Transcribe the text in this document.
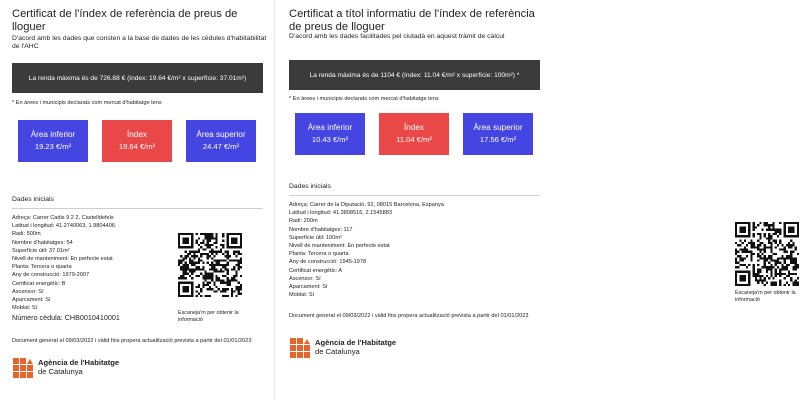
Certificat de l'índex de referència de preus de lloguer
D'acord amb les dades que consten a la base de dades de les cèdules d'habitabilitat de l'AHC
La renda màxima és de 726.88 € (índex: 19.64 €/m² x superfície: 37.01m²)
* En àrees i municipis declarats com mercat d'habitatge tens
Àrea inferior
19.23 €/m²
Índex
19.64 €/m²
Àrea superior
24.47 €/m²
Dades inicials
Adreça: Carrer Cadis 9 2 2, Castelldefels
Latitud i longitud: 41.2740063, 1.9804406
Radi: 500m
Nombre d'habitatges: 54
Superfície útil: 37.01m²
Nivell de manteniment: En perfecte estat
Planta: Tercera o quarta
Any de construcció: 1979-2007
Certificat energètic: B
Ascensor: Sí
Aparcament: Sí
Moblat: Sí
Número cèdula: CHB0010410001
Escaneja'm per obtenir la informació
Document generat el 09/03/2022 i vàlid fins propera actualització prevista a partir del 01/01/2023
Agència de l'Habitatge
de Catalunya
Certificat a títol informatiu de l'índex de referència de preus de lloguer
D'acord amb les dades facilitades pel ciutadà en aquest tràmit de càlcul
La renda màxima és de 1104 € (índex: 11.04 €/m² x superfície: 100m²) *
* En àrees i municipis declarats com mercat d'habitatge tens
Àrea inferior
10.43 €/m²
Índex
11.04 €/m²
Àrea superior
17.56 €/m²
Dades inicials
Adreça: Carrer de la Diputació, 92, 08015 Barcelona, Espanya
Latitud i longitud: 41.3808516, 2.1545883
Radi: 200m
Nombre d'habitatges: 117
Superfície útil: 100m²
Nivell de manteniment: En perfecte estat
Planta: Tercera o quarta
Any de construcció: 1945-1978
Certificat energètic: A
Ascensor: Sí
Aparcament: Sí
Moblat: Sí	Escaneja'm per obtenir la informació
Document generat el 09/03/2022 i vàlid fins propera actualització prevista a partir del 01/01/2023
Agència de l'Habitatge
de Catalunya
